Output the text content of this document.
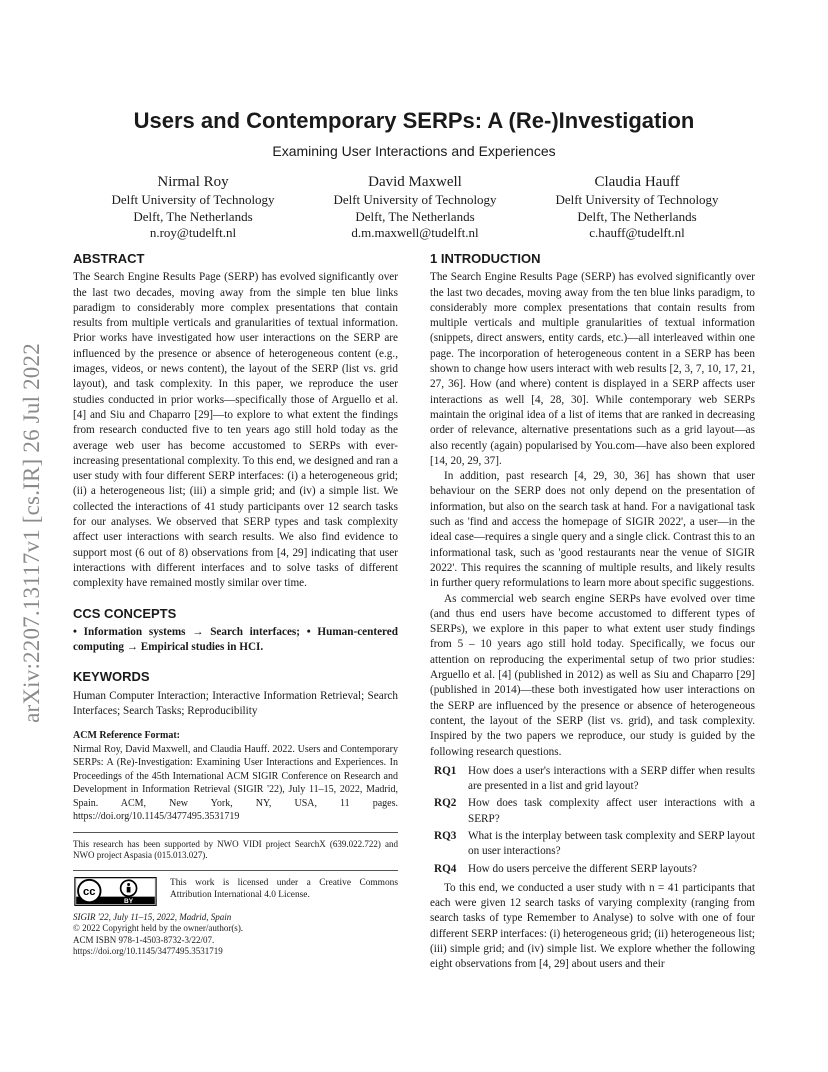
arXiv:2207.13117v1 [cs.IR] 26 Jul 2022
Users and Contemporary SERPs: A (Re-)Investigation
Examining User Interactions and Experiences
Nirmal Roy
Delft University of Technology
Delft, The Netherlands
n.roy@tudelft.nl
David Maxwell
Delft University of Technology
Delft, The Netherlands
d.m.maxwell@tudelft.nl
Claudia Hauff
Delft University of Technology
Delft, The Netherlands
c.hauff@tudelft.nl
ABSTRACT

The Search Engine Results Page (SERP) has evolved significantly over the last two decades, moving away from the simple ten blue links paradigm to considerably more complex presentations that contain results from multiple verticals and granularities of textual information. Prior works have investigated how user interactions on the SERP are influenced by the presence or absence of heterogeneous content (e.g., images, videos, or news content), the layout of the SERP (list vs. grid layout), and task complexity. In this paper, we reproduce the user studies conducted in prior works—specifically those of Arguello et al. [4] and Siu and Chaparro [29]—to explore to what extent the findings from research conducted five to ten years ago still hold today as the average web user has become accustomed to SERPs with ever-increasing presentational complexity. To this end, we designed and ran a user study with four different SERP interfaces: (i) a heterogeneous grid; (ii) a heterogeneous list; (iii) a simple grid; and (iv) a simple list. We collected the interactions of 41 study participants over 12 search tasks for our analyses. We observed that SERP types and task complexity affect user interactions with search results. We also find evidence to support most (6 out of 8) observations from [4, 29] indicating that user interactions with different interfaces and to solve tasks of different complexity have remained mostly similar over time.

CCS CONCEPTS

• Information systems → Search interfaces; • Human-centered computing → Empirical studies in HCI.

KEYWORDS

Human Computer Interaction; Interactive Information Retrieval; Search Interfaces; Search Tasks; Reproducibility

ACM Reference Format:
Nirmal Roy, David Maxwell, and Claudia Hauff. 2022. Users and Contemporary SERPs: A (Re)-Investigation: Examining User Interactions and Experiences. In Proceedings of the 45th International ACM SIGIR Conference on Research and Development in Information Retrieval (SIGIR '22), July 11–15, 2022, Madrid, Spain. ACM, New York, NY, USA, 11 pages. https://doi.org/10.1145/3477495.3531719
This research has been supported by NWO VIDI project SearchX (639.022.722) and NWO project Aspasia (015.013.027).
cc
BY
This work is licensed under a Creative Commons Attribution International 4.0 License.
SIGIR '22, July 11–15, 2022, Madrid, Spain
© 2022 Copyright held by the owner/author(s).
ACM ISBN 978-1-4503-8732-3/22/07.
https://doi.org/10.1145/3477495.3531719
1 INTRODUCTION

The Search Engine Results Page (SERP) has evolved significantly over the last two decades, moving away from the ten blue links paradigm, to considerably more complex presentations that contain results from multiple verticals and multiple granularities of textual information (snippets, direct answers, entity cards, etc.)—all interleaved within one page. The incorporation of heterogeneous content in a SERP has been shown to change how users interact with web results [2, 3, 7, 10, 17, 21, 27, 36]. How (and where) content is displayed in a SERP affects user interactions as well [4, 28, 30]. While contemporary web SERPs maintain the original idea of a list of items that are ranked in decreasing order of relevance, alternative presentations such as a grid layout—as also recently (again) popularised by You.com—have also been explored [14, 20, 29, 37].

In addition, past research [4, 29, 30, 36] has shown that user behaviour on the SERP does not only depend on the presentation of information, but also on the search task at hand. For a navigational task such as 'find and access the homepage of SIGIR 2022', a user—in the ideal case—requires a single query and a single click. Contrast this to an informational task, such as 'good restaurants near the venue of SIGIR 2022'. This requires the scanning of multiple results, and likely results in further query reformulations to learn more about specific suggestions.

As commercial web search engine SERPs have evolved over time (and thus end users have become accustomed to different types of SERPs), we explore in this paper to what extent user study findings from 5 – 10 years ago still hold today. Specifically, we focus our attention on reproducing the experimental setup of two prior studies: Arguello et al. [4] (published in 2012) as well as Siu and Chaparro [29] (published in 2014)—these both investigated how user interactions on the SERP are influenced by the presence or absence of heterogeneous content, the layout of the SERP (list vs. grid), and task complexity. Inspired by the two papers we reproduce, our study is guided by the following research questions.

RQ1	How does a user's interactions with a SERP differ when results are presented in a list and grid layout?
RQ2	How does task complexity affect user interactions with a SERP?
RQ3	What is the interplay between task complexity and SERP layout on user interactions?
RQ4	How do users perceive the different SERP layouts?

To this end, we conducted a user study with n = 41 participants that each were given 12 search tasks of varying complexity (ranging from search tasks of type Remember to Analyse) to solve with one of four different SERP interfaces: (i) heterogeneous grid; (ii) heterogeneous list; (iii) simple grid; and (iv) simple list. We explore whether the following eight observations from [4, 29] about users and their
